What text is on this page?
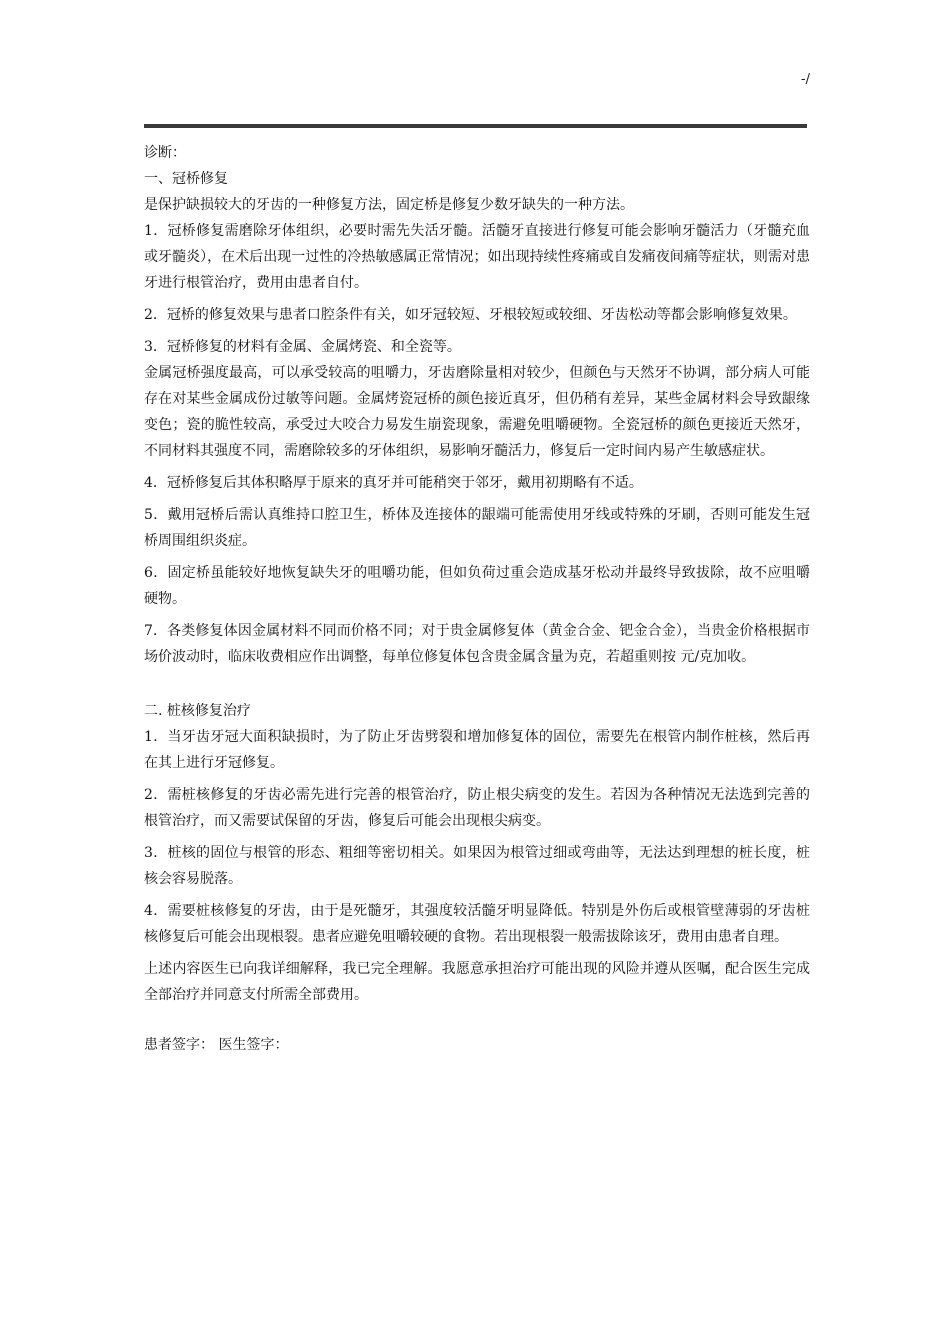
-/

诊断：

一、冠桥修复

是保护缺损较大的牙齿的一种修复方法，固定桥是修复少数牙缺失的一种方法。

1．冠桥修复需磨除牙体组织，必要时需先失活牙髓。活髓牙直接进行修复可能会影响牙髓活力（牙髓充血或牙髓炎），在术后出现一过性的冷热敏感属正常情况；如出现持续性疼痛或自发痛夜间痛等症状，则需对患牙进行根管治疗，费用由患者自付。

2．冠桥的修复效果与患者口腔条件有关，如牙冠较短、牙根较短或较细、牙齿松动等都会影响修复效果。

3．冠桥修复的材料有金属、金属烤瓷、和全瓷等。

金属冠桥强度最高，可以承受较高的咀嚼力，牙齿磨除量相对较少，但颜色与天然牙不协调，部分病人可能存在对某些金属成份过敏等问题。金属烤瓷冠桥的颜色接近真牙，但仍稍有差异，某些金属材料会导致龈缘变色；瓷的脆性较高，承受过大咬合力易发生崩瓷现象，需避免咀嚼硬物。全瓷冠桥的颜色更接近天然牙，不同材料其强度不同，需磨除较多的牙体组织，易影响牙髓活力，修复后一定时间内易产生敏感症状。

4．冠桥修复后其体积略厚于原来的真牙并可能稍突于邻牙，戴用初期略有不适。

5．戴用冠桥后需认真维持口腔卫生，桥体及连接体的龈端可能需使用牙线或特殊的牙刷，否则可能发生冠桥周围组织炎症。

6．固定桥虽能较好地恢复缺失牙的咀嚼功能，但如负荷过重会造成基牙松动并最终导致拔除，故不应咀嚼硬物。

7．各类修复体因金属材料不同而价格不同；对于贵金属修复体（黄金合金、钯金合金），当贵金价格根据市场价波动时，临床收费相应作出调整，每单位修复体包含贵金属含量为克，若超重则按 元/克加收。

二. 桩核修复治疗

1．当牙齿牙冠大面积缺损时，为了防止牙齿劈裂和增加修复体的固位，需要先在根管内制作桩核，然后再在其上进行牙冠修复。

2．需桩核修复的牙齿必需先进行完善的根管治疗，防止根尖病变的发生。若因为各种情况无法选到完善的根管治疗，而又需要试保留的牙齿，修复后可能会出现根尖病变。

3．桩核的固位与根管的形态、粗细等密切相关。如果因为根管过细或弯曲等，无法达到理想的桩长度，桩核会容易脱落。

4．需要桩核修复的牙齿，由于是死髓牙，其强度较活髓牙明显降低。特别是外伤后或根管壁薄弱的牙齿桩核修复后可能会出现根裂。患者应避免咀嚼较硬的食物。若出现根裂一般需拔除该牙，费用由患者自理。

上述内容医生已向我详细解释，我已完全理解。我愿意承担治疗可能出现的风险并遵从医嘱，配合医生完成全部治疗并同意支付所需全部费用。

患者签字： 医生签字：
